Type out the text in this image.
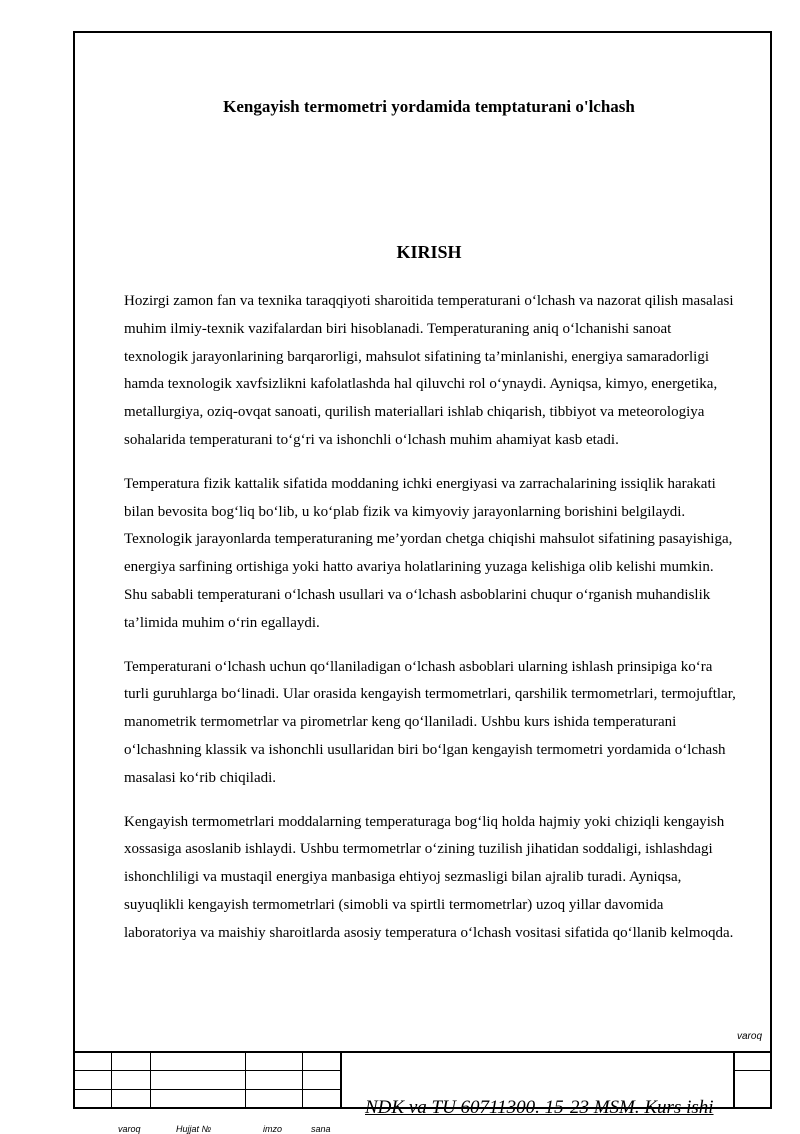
Kengayish termometri yordamida temptaturani o'lchash
KIRISH

Hozirgi zamon fan va texnika taraqqiyoti sharoitida temperaturani o‘lchash va nazorat qilish masalasi muhim ilmiy-texnik vazifalardan biri hisoblanadi. Temperaturaning aniq o‘lchanishi sanoat texnologik jarayonlarining barqarorligi, mahsulot sifatining ta’minlanishi, energiya samaradorligi hamda texnologik xavfsizlikni kafolatlashda hal qiluvchi rol o‘ynaydi. Ayniqsa, kimyo, energetika, metallurgiya, oziq-ovqat sanoati, qurilish materiallari ishlab chiqarish, tibbiyot va meteorologiya sohalarida temperaturani to‘g‘ri va ishonchli o‘lchash muhim ahamiyat kasb etadi.

Temperatura fizik kattalik sifatida moddaning ichki energiyasi va zarrachalarining issiqlik harakati bilan bevosita bog‘liq bo‘lib, u ko‘plab fizik va kimyoviy jarayonlarning borishini belgilaydi. Texnologik jarayonlarda temperaturaning me’yordan chetga chiqishi mahsulot sifatining pasayishiga, energiya sarfining ortishiga yoki hatto avariya holatlarining yuzaga kelishiga olib kelishi mumkin. Shu sababli temperaturani o‘lchash usullari va o‘lchash asboblarini chuqur o‘rganish muhandislik ta’limida muhim o‘rin egallaydi.

Temperaturani o‘lchash uchun qo‘llaniladigan o‘lchash asboblari ularning ishlash prinsipiga ko‘ra turli guruhlarga bo‘linadi. Ular orasida kengayish termometrlari, qarshilik termometrlari, termojuftlar, manometrik termometrlar va pirometrlar keng qo‘llaniladi. Ushbu kurs ishida temperaturani o‘lchashning klassik va ishonchli usullaridan biri bo‘lgan kengayish termometri yordamida o‘lchash masalasi ko‘rib chiqiladi.

Kengayish termometrlari moddalarning temperaturaga bog‘liq holda hajmiy yoki chiziqli kengayish xossasiga asoslanib ishlaydi. Ushbu termometrlar o‘zining tuzilish jihatidan soddaligi, ishlashdagi ishonchliligi va mustaqil energiya manbasiga ehtiyoj sezmasligi bilan ajralib turadi. Ayniqsa, suyuqlikli kengayish termometrlari (simobli va spirtli termometrlar) uzoq yillar davomida laboratoriya va maishiy sharoitlarda asosiy temperatura o‘lchash vositasi sifatida qo‘llanib kelmoqda.

varoq
NDK va TU 60711300. 15-23 MSM. Kurs ishi
varoq	Hujjat №	imzo	sana
